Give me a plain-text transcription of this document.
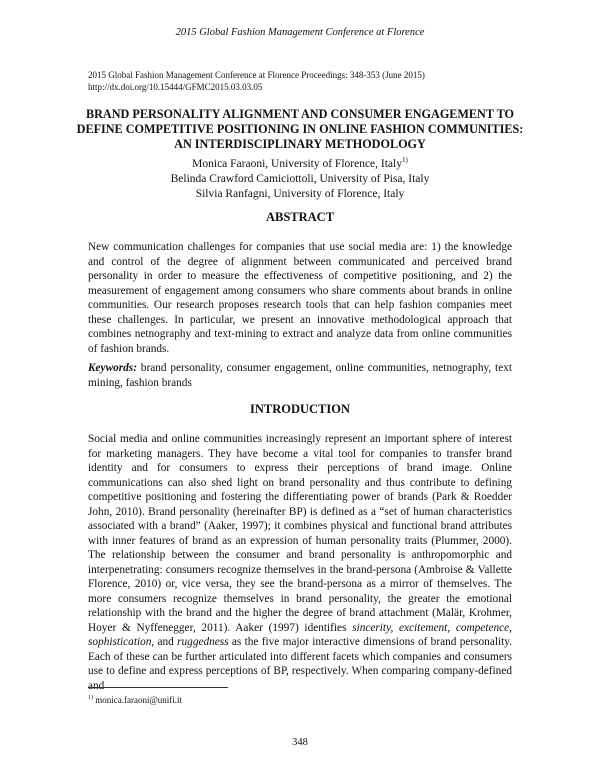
2015 Global Fashion Management Conference at Florence
2015 Global Fashion Management Conference at Florence Proceedings: 348-353 (June 2015)
http://dx.doi.org/10.15444/GFMC2015.03.03.05
BRAND PERSONALITY ALIGNMENT AND CONSUMER ENGAGEMENT TO DEFINE COMPETITIVE POSITIONING IN ONLINE FASHION COMMUNITIES: AN INTERDISCIPLINARY METHODOLOGY
Monica Faraoni, University of Florence, Italy$^{1)}$
Belinda Crawford Camiciottoli, University of Pisa, Italy
Silvia Ranfagni, University of Florence, Italy
ABSTRACT

New communication challenges for companies that use social media are: 1) the knowledge and control of the degree of alignment between communicated and perceived brand personality in order to measure the effectiveness of competitive positioning, and 2) the measurement of engagement among consumers who share comments about brands in online communities. Our research proposes research tools that can help fashion companies meet these challenges. In particular, we present an innovative methodological approach that combines netnography and text-mining to extract and analyze data from online communities of fashion brands.

Keywords: brand personality, consumer engagement, online communities, netnography, text mining, fashion brands

INTRODUCTION

Social media and online communities increasingly represent an important sphere of interest for marketing managers. They have become a vital tool for companies to transfer brand identity and for consumers to express their perceptions of brand image. Online communications can also shed light on brand personality and thus contribute to defining competitive positioning and fostering the differentiating power of brands (Park & Roedder John, 2010). Brand personality (hereinafter BP) is defined as a “set of human characteristics associated with a brand” (Aaker, 1997); it combines physical and functional brand attributes with inner features of brand as an expression of human personality traits (Plummer, 2000). The relationship between the consumer and brand personality is anthropomorphic and interpenetrating: consumers recognize themselves in the brand-persona (Ambroise & Vallette Florence, 2010) or, vice versa, they see the brand-persona as a mirror of themselves. The more consumers recognize themselves in brand personality, the greater the emotional relationship with the brand and the higher the degree of brand attachment (Malär, Krohmer, Hoyer & Nyffenegger, 2011). Aaker (1997) identifies sincerity, excitement, competence, sophistication, and ruggedness as the five major interactive dimensions of brand personality. Each of these can be further articulated into different facets which companies and consumers use to define and express perceptions of BP, respectively. When comparing company-defined and

$^{1)}$ monica.faraoni@unifi.it
348
